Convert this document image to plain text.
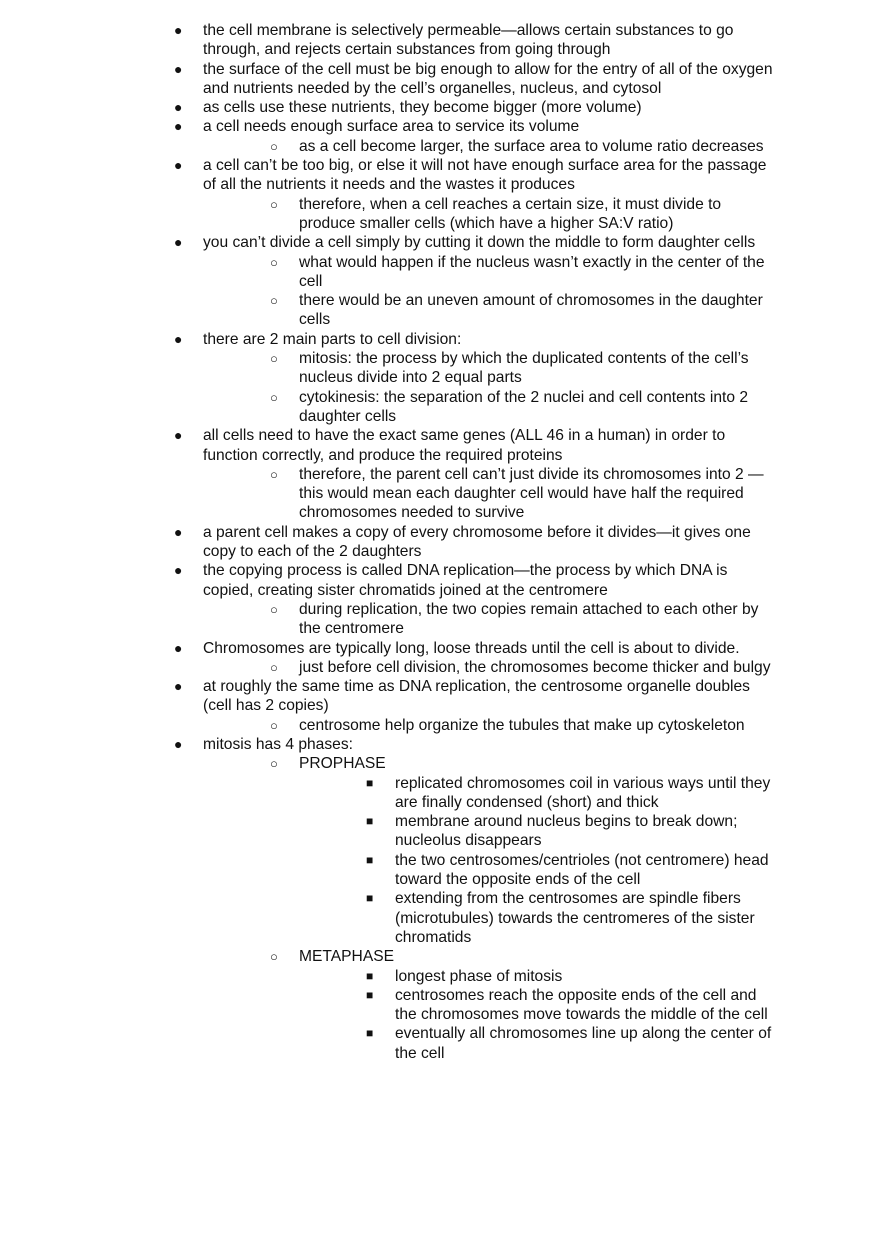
● the cell membrane is selectively permeable—allows certain substances to go through, and rejects certain substances from going through
● the surface of the cell must be big enough to allow for the entry of all of the oxygen and nutrients needed by the cell’s organelles, nucleus, and cytosol
● as cells use these nutrients, they become bigger (more volume)
● a cell needs enough surface area to service its volume
○ as a cell become larger, the surface area to volume ratio decreases
● a cell can’t be too big, or else it will not have enough surface area for the passage of all the nutrients it needs and the wastes it produces
○ therefore, when a cell reaches a certain size, it must divide to produce smaller cells (which have a higher SA:V ratio)
● you can’t divide a cell simply by cutting it down the middle to form daughter cells
○ what would happen if the nucleus wasn’t exactly in the center of the cell
○ there would be an uneven amount of chromosomes in the daughter cells
● there are 2 main parts to cell division:
○ mitosis: the process by which the duplicated contents of the cell’s nucleus divide into 2 equal parts
○ cytokinesis: the separation of the 2 nuclei and cell contents into 2 daughter cells
● all cells need to have the exact same genes (ALL 46 in a human) in order to function correctly, and produce the required proteins
○ therefore, the parent cell can’t just divide its chromosomes into 2 —this would mean each daughter cell would have half the required chromosomes needed to survive
● a parent cell makes a copy of every chromosome before it divides—it gives one copy to each of the 2 daughters
● the copying process is called DNA replication—the process by which DNA is copied, creating sister chromatids joined at the centromere
○ during replication, the two copies remain attached to each other by the centromere
● Chromosomes are typically long, loose threads until the cell is about to divide.
○ just before cell division, the chromosomes become thicker and bulgy
● at roughly the same time as DNA replication, the centrosome organelle doubles (cell has 2 copies)
○ centrosome help organize the tubules that make up cytoskeleton
● mitosis has 4 phases:
○ PROPHASE
■ replicated chromosomes coil in various ways until they are finally condensed (short) and thick
■ membrane around nucleus begins to break down; nucleolus disappears
■ the two centrosomes/centrioles (not centromere) head toward the opposite ends of the cell
■ extending from the centrosomes are spindle fibers (microtubules) towards the centromeres of the sister chromatids
○ METAPHASE
■ longest phase of mitosis
■ centrosomes reach the opposite ends of the cell and the chromosomes move towards the middle of the cell
■ eventually all chromosomes line up along the center of the cell
